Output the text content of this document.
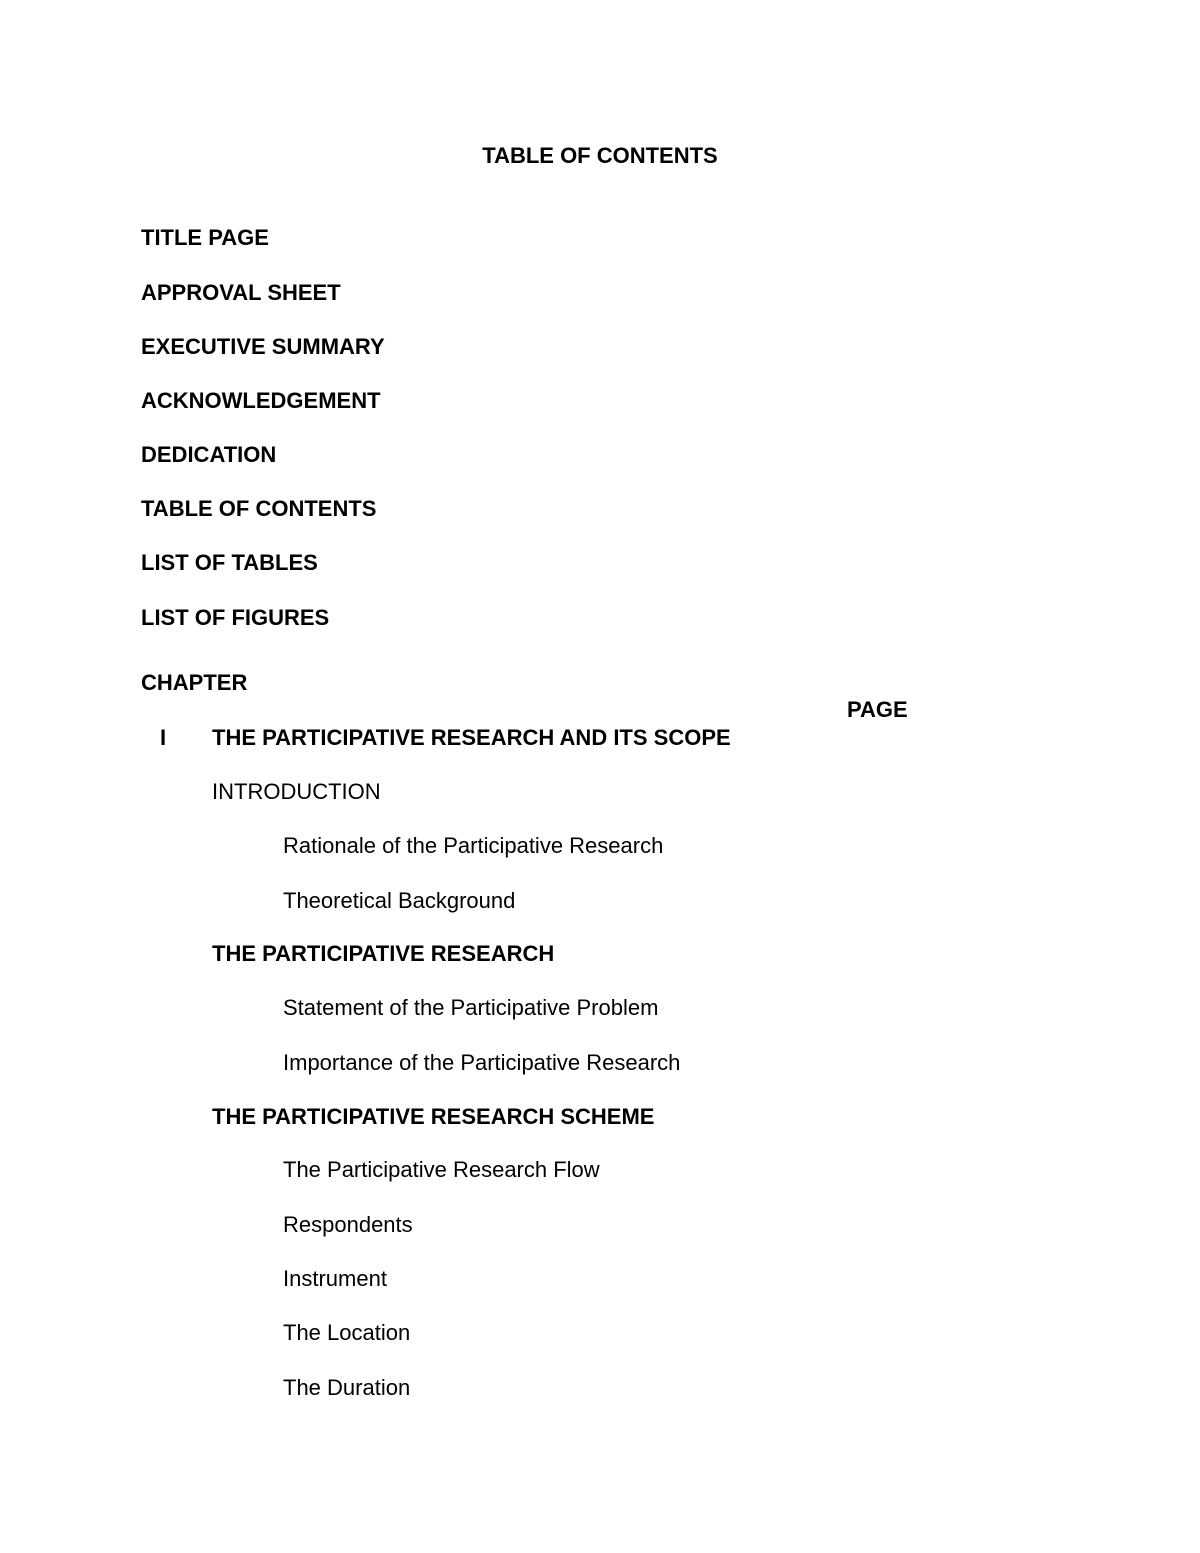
TABLE OF CONTENTS

TITLE PAGE

APPROVAL SHEET

EXECUTIVE SUMMARY

ACKNOWLEDGEMENT

DEDICATION

TABLE OF CONTENTS

LIST OF TABLES

LIST OF FIGURES

CHAPTER

PAGE

I THE PARTICIPATIVE RESEARCH AND ITS SCOPE

INTRODUCTION

Rationale of the Participative Research

Theoretical Background

THE PARTICIPATIVE RESEARCH

Statement of the Participative Problem

Importance of the Participative Research

THE PARTICIPATIVE RESEARCH SCHEME

The Participative Research Flow

Respondents

Instrument

The Location

The Duration
